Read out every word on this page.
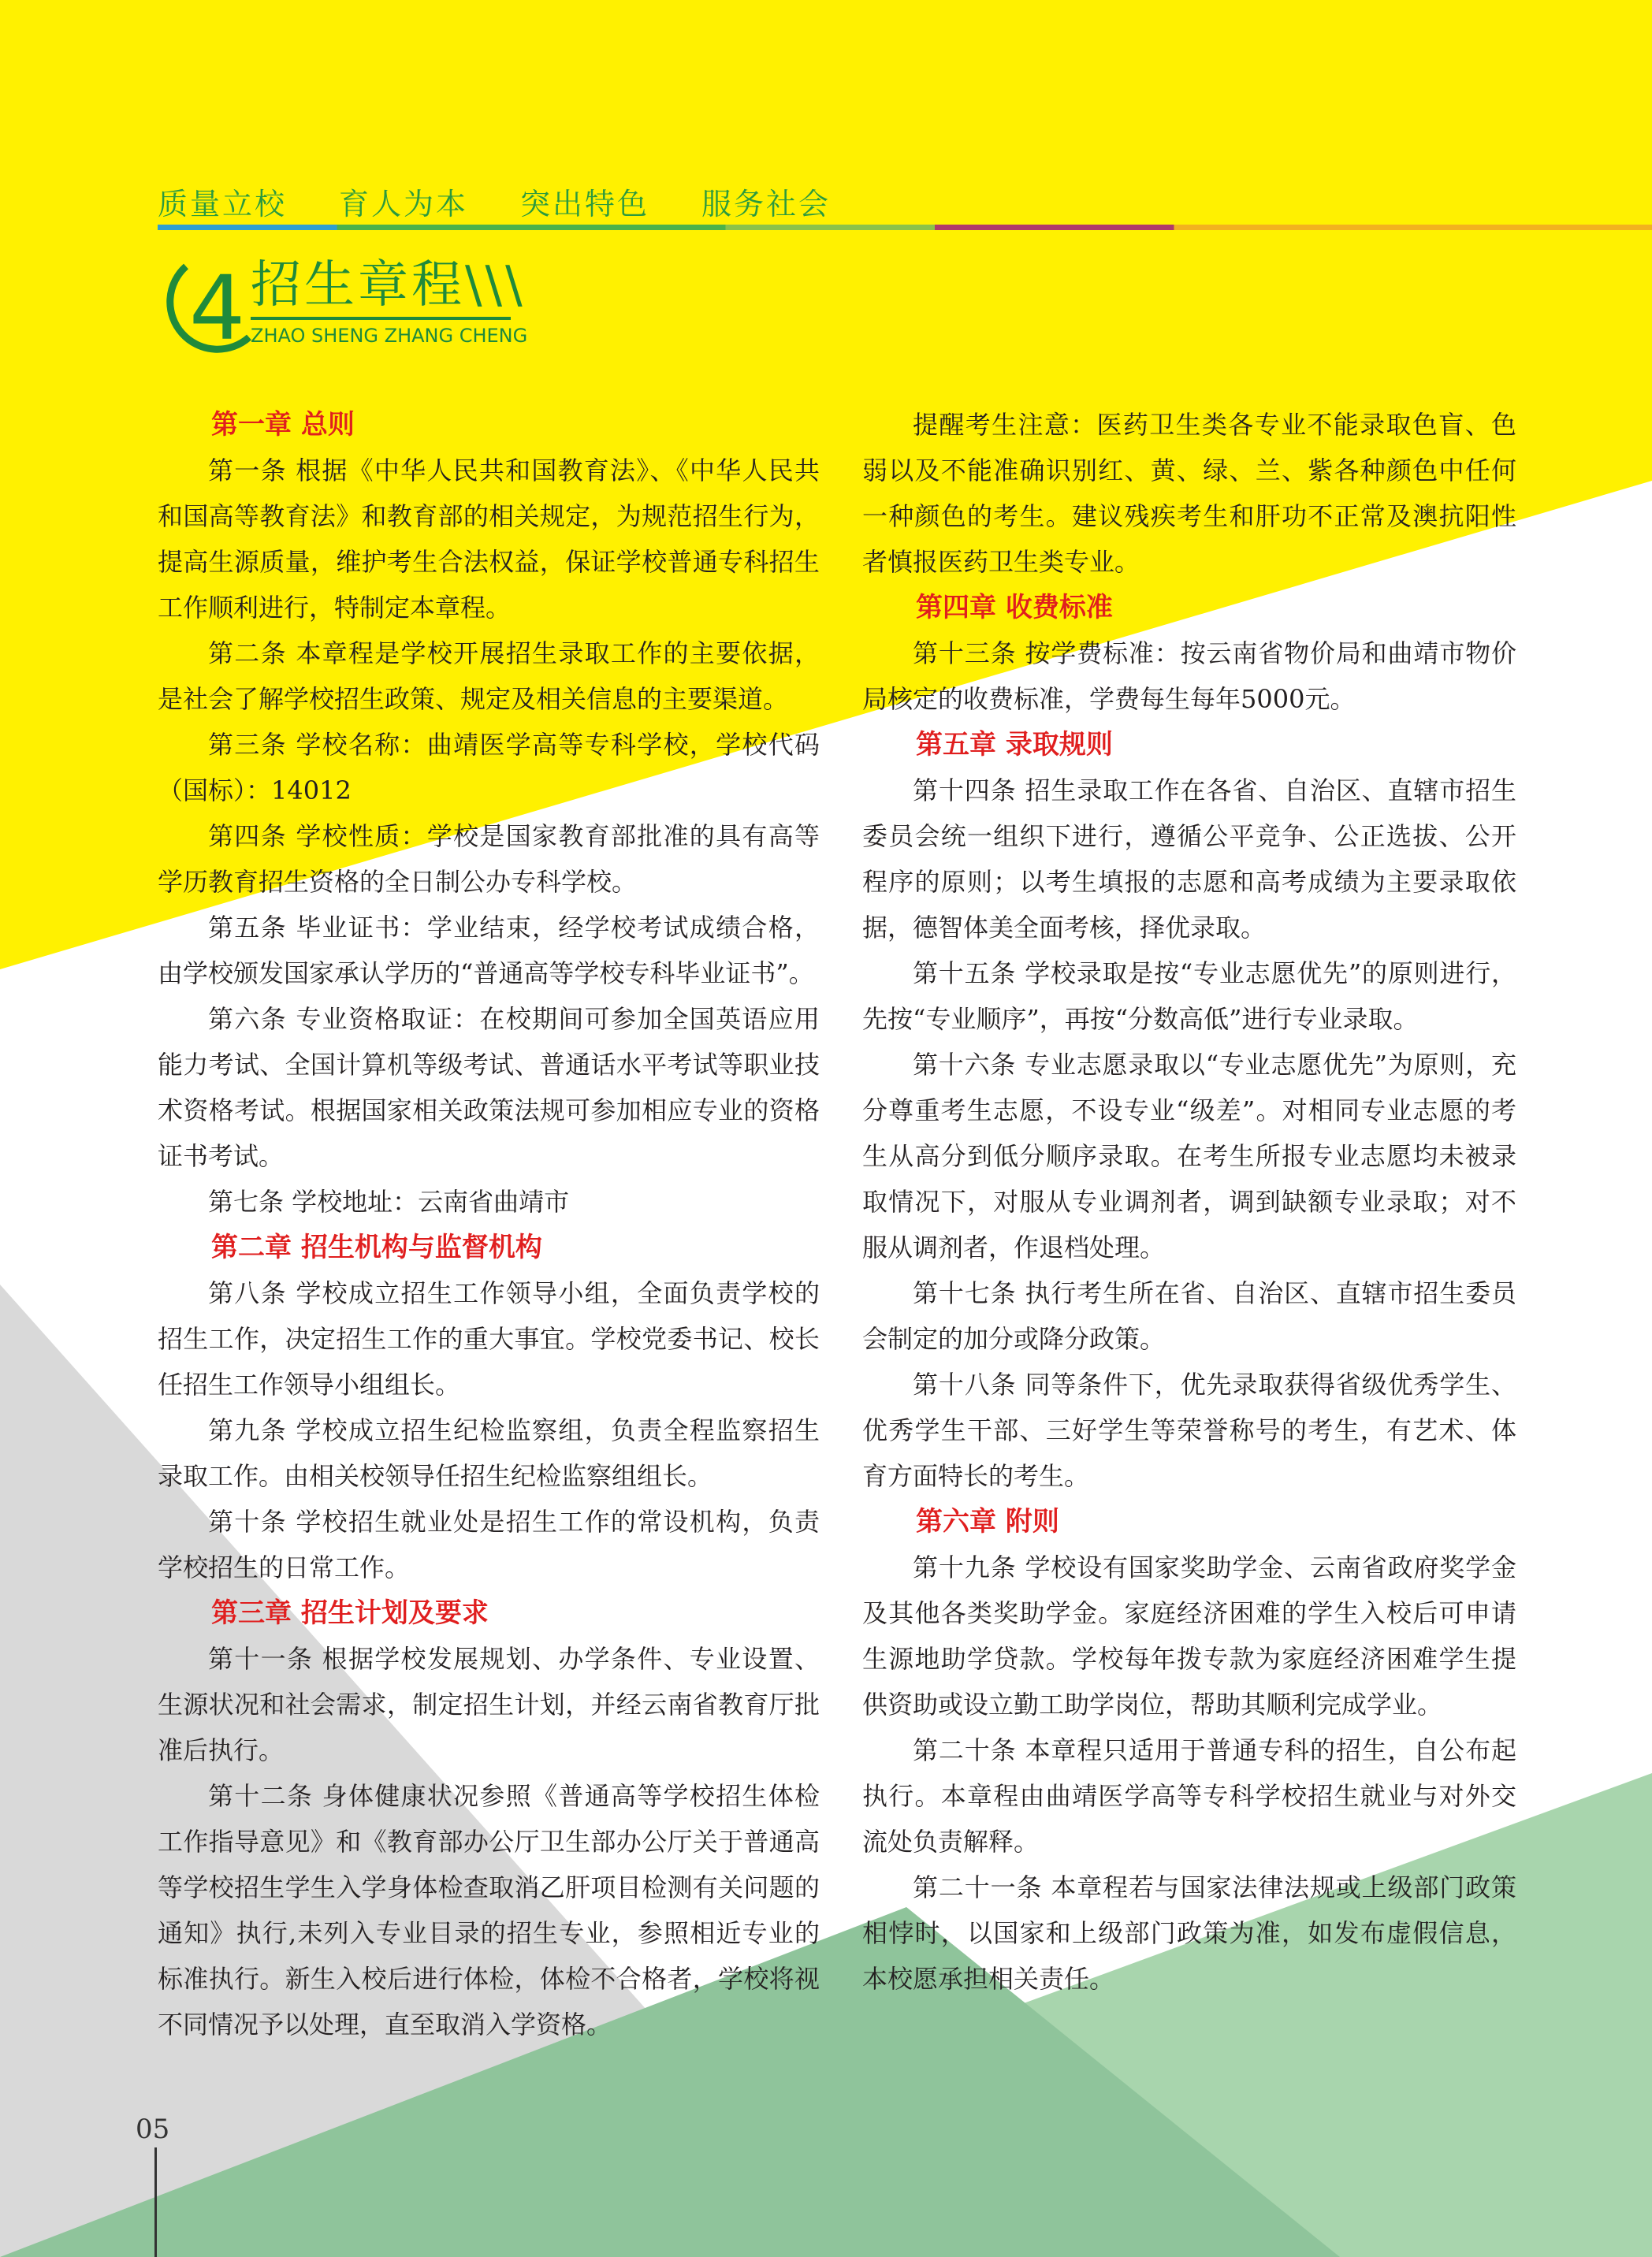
质量立校 育人为本 突出特色 服务社会
4 招生章程\\\
ZHAO SHENG ZHANG CHENG

第一章 总则

第一条 根据《中华人民共和国教育法》、《中华人民共和国高等教育法》和教育部的相关规定，为规范招生行为，提高生源质量，维护考生合法权益，保证学校普通专科招生工作顺利进行，特制定本章程。

第二条 本章程是学校开展招生录取工作的主要依据，是社会了解学校招生政策、规定及相关信息的主要渠道。

第三条 学校名称：曲靖医学高等专科学校，学校代码（国标）：14012

第四条 学校性质：学校是国家教育部批准的具有高等学历教育招生资格的全日制公办专科学校。

第五条 毕业证书：学业结束，经学校考试成绩合格，由学校颁发国家承认学历的“普通高等学校专科毕业证书”。

第六条 专业资格取证：在校期间可参加全国英语应用能力考试、全国计算机等级考试、普通话水平考试等职业技术资格考试。根据国家相关政策法规可参加相应专业的资格证书考试。

第七条 学校地址：云南省曲靖市

第二章 招生机构与监督机构

第八条 学校成立招生工作领导小组，全面负责学校的招生工作，决定招生工作的重大事宜。学校党委书记、校长任招生工作领导小组组长。

第九条 学校成立招生纪检监察组，负责全程监察招生录取工作。由相关校领导任招生纪检监察组组长。

第十条 学校招生就业处是招生工作的常设机构，负责学校招生的日常工作。

第三章 招生计划及要求

第十一条 根据学校发展规划、办学条件、专业设置、生源状况和社会需求，制定招生计划，并经云南省教育厅批准后执行。

第十二条 身体健康状况参照《普通高等学校招生体检工作指导意见》和《教育部办公厅卫生部办公厅关于普通高等学校招生学生入学身体检查取消乙肝项目检测有关问题的通知》执行,未列入专业目录的招生专业，参照相近专业的标准执行。新生入校后进行体检，体检不合格者，学校将视不同情况予以处理，直至取消入学资格。

提醒考生注意：医药卫生类各专业不能录取色盲、色弱以及不能准确识别红、黄、绿、兰、紫各种颜色中任何一种颜色的考生。建议残疾考生和肝功不正常及澳抗阳性者慎报医药卫生类专业。

第四章 收费标准

第十三条 按学费标准：按云南省物价局和曲靖市物价局核定的收费标准，学费每生每年5000元。

第五章 录取规则

第十四条 招生录取工作在各省、自治区、直辖市招生委员会统一组织下进行，遵循公平竞争、公正选拔、公开程序的原则；以考生填报的志愿和高考成绩为主要录取依据，德智体美全面考核，择优录取。

第十五条 学校录取是按“专业志愿优先”的原则进行，先按“专业顺序”，再按“分数高低”进行专业录取。

第十六条 专业志愿录取以“专业志愿优先”为原则，充分尊重考生志愿，不设专业“级差”。对相同专业志愿的考生从高分到低分顺序录取。在考生所报专业志愿均未被录取情况下，对服从专业调剂者，调到缺额专业录取；对不服从调剂者，作退档处理。

第十七条 执行考生所在省、自治区、直辖市招生委员会制定的加分或降分政策。

第十八条 同等条件下，优先录取获得省级优秀学生、优秀学生干部、三好学生等荣誉称号的考生，有艺术、体育方面特长的考生。

第六章 附则

第十九条 学校设有国家奖助学金、云南省政府奖学金及其他各类奖助学金。家庭经济困难的学生入校后可申请生源地助学贷款。学校每年拨专款为家庭经济困难学生提供资助或设立勤工助学岗位，帮助其顺利完成学业。

第二十条 本章程只适用于普通专科的招生，自公布起执行。本章程由曲靖医学高等专科学校招生就业与对外交流处负责解释。

第二十一条 本章程若与国家法律法规或上级部门政策相悖时，以国家和上级部门政策为准，如发布虚假信息，本校愿承担相关责任。

05
